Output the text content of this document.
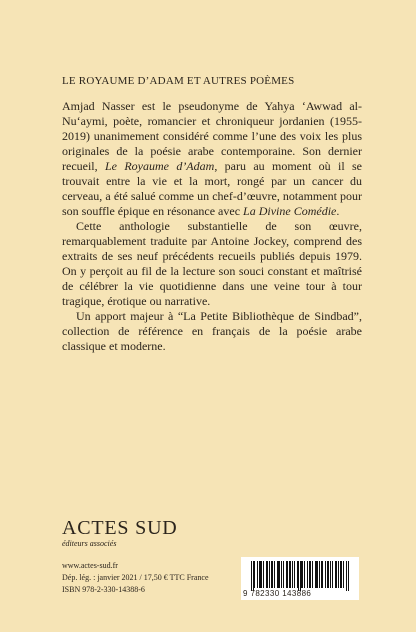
LE ROYAUME D’ADAM ET AUTRES POÈMES

Amjad Nasser est le pseudonyme de Yahya ‘Awwad al-Nu‘aymi, poète, romancier et chroniqueur jordanien (1955-2019) unanimement considéré comme l’une des voix les plus originales de la poésie arabe contemporaine. Son dernier recueil, Le Royaume d’Adam, paru au moment où il se trouvait entre la vie et la mort, rongé par un cancer du cerveau, a été salué comme un chef-d’œuvre, notamment pour son souffle épique en résonance avec La Divine Comédie.

Cette anthologie substantielle de son œuvre, remarquablement traduite par Antoine Jockey, comprend des extraits de ses neuf précédents recueils publiés depuis 1979. On y perçoit au fil de la lecture son souci constant et maîtrisé de célébrer la vie quotidienne dans une veine tour à tour tragique, érotique ou narrative.

Un apport majeur à “La Petite Bibliothèque de Sindbad”, collection de référence en français de la poésie arabe classique et moderne.

ACTES SUD
éditeurs associés
www.actes-sud.fr
Dép. lég. : janvier 2021 / 17,50 € TTC France
ISBN 978-2-330-14388-6	9 782330 143886
